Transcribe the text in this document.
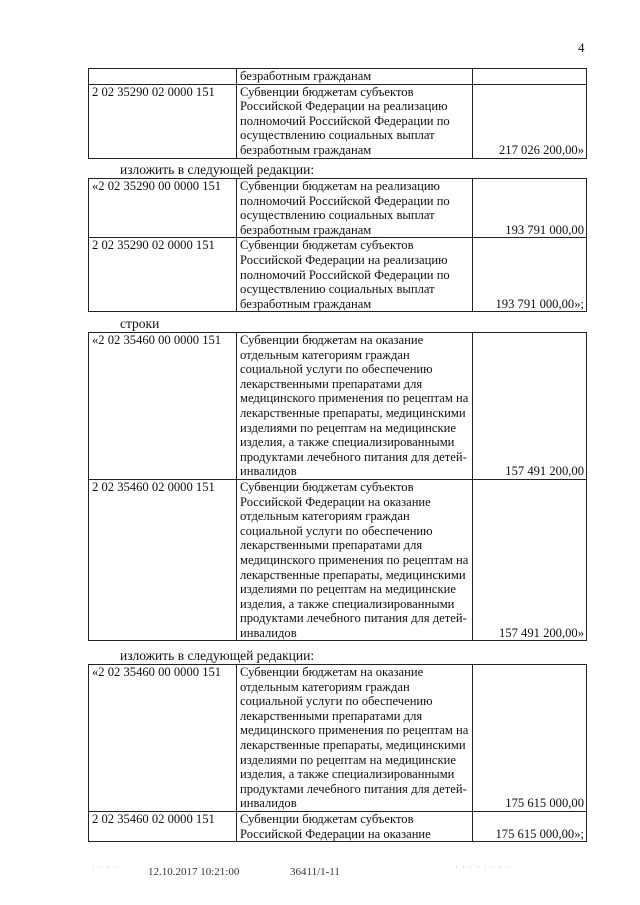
4
	безработным гражданам	
2 02 35290 02 0000 151	Субвенции бюджетам субъектов Российской Федерации на реализацию полномочий Российской Федерации по осуществлению социальных выплат безработным гражданам	217 026 200,00»
изложить в следующей редакции:
«2 02 35290 00 0000 151	Субвенции бюджетам на реализацию полномочий Российской Федерации по осуществлению социальных выплат безработным гражданам	193 791 000,00
2 02 35290 02 0000 151	Субвенции бюджетам субъектов Российской Федерации на реализацию полномочий Российской Федерации по осуществлению социальных выплат безработным гражданам	193 791 000,00»;
строки
«2 02 35460 00 0000 151	Субвенции бюджетам на оказание отдельным категориям граждан социальной услуги по обеспечению лекарственными препаратами для медицинского применения по рецептам на лекарственные препараты, медицинскими изделиями по рецептам на медицинские изделия, а также специализированными продуктами лечебного питания для детей-инвалидов	157 491 200,00
2 02 35460 02 0000 151	Субвенции бюджетам субъектов Российской Федерации на оказание отдельным категориям граждан социальной услуги по обеспечению лекарственными препаратами для медицинского применения по рецептам на лекарственные препараты, медицинскими изделиями по рецептам на медицинские изделия, а также специализированными продуктами лечебного питания для детей-инвалидов	157 491 200,00»
изложить в следующей редакции:
«2 02 35460 00 0000 151	Субвенции бюджетам на оказание отдельным категориям граждан социальной услуги по обеспечению лекарственными препаратами для медицинского применения по рецептам на лекарственные препараты, медицинскими изделиями по рецептам на медицинские изделия, а также специализированными продуктами лечебного питания для детей-инвалидов	175 615 000,00
2 02 35460 02 0000 151	Субвенции бюджетам субъектов Российской Федерации на оказание	175 615 000,00»;
· · · ·	12.10.2017 10:21:00	36411/1-11	· · · · · · · ·
